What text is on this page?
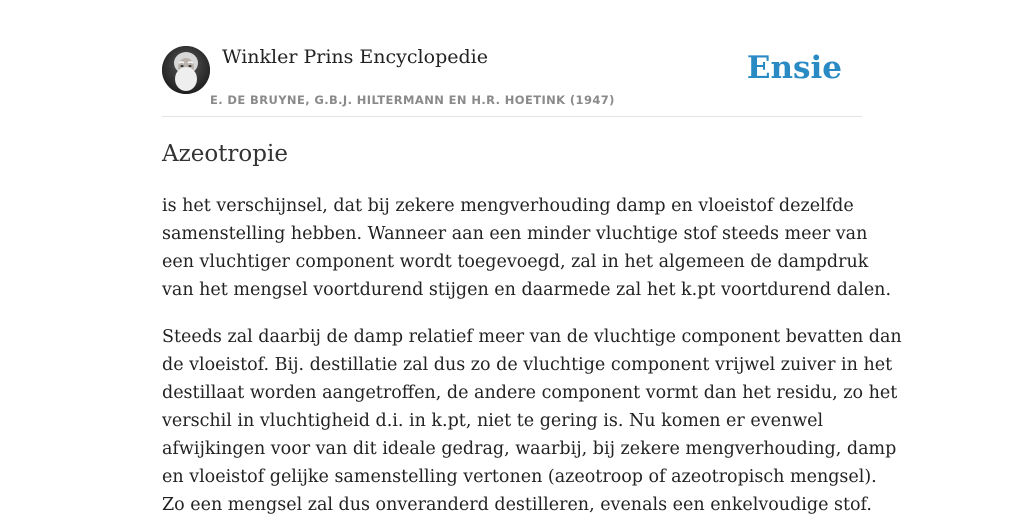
Winkler Prins Encyclopedie
E. DE BRUYNE, G.B.J. HILTERMANN EN H.R. HOETINK (1947)
Ensie
Azeotropie

is het verschijnsel, dat bij zekere mengverhouding damp en vloeistof dezelfde
samenstelling hebben. Wanneer aan een minder vluchtige stof steeds meer van
een vluchtiger component wordt toegevoegd, zal in het algemeen de dampdruk
van het mengsel voortdurend stijgen en daarmede zal het k.pt voortdurend dalen.

Steeds zal daarbij de damp relatief meer van de vluchtige component bevatten dan
de vloeistof. Bij. destillatie zal dus zo de vluchtige component vrijwel zuiver in het
destillaat worden aangetroffen, de andere component vormt dan het residu, zo het
verschil in vluchtigheid d.i. in k.pt, niet te gering is. Nu komen er evenwel
afwijkingen voor van dit ideale gedrag, waarbij, bij zekere mengverhouding, damp
en vloeistof gelijke samenstelling vertonen (azeotroop of azeotropisch mengsel).
Zo een mengsel zal dus onveranderd destilleren, evenals een enkelvoudige stof.
